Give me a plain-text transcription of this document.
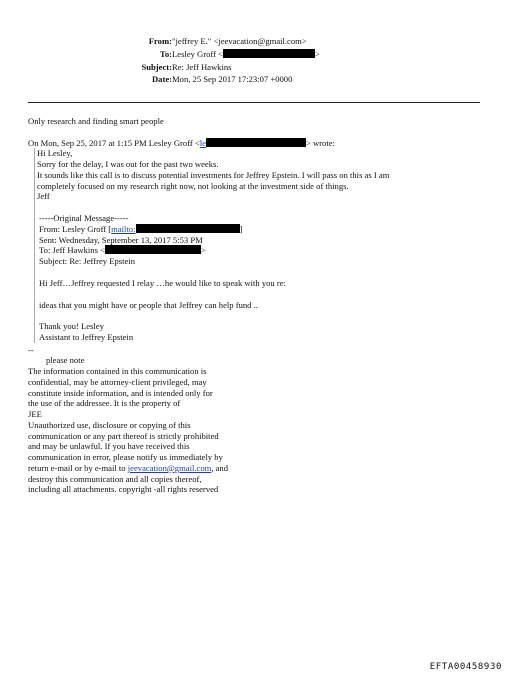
From: "jeffrey E." <jeevacation@gmail.com>
To: Lesley Groff <	>
Subject: Re: Jeff Hawkins
Date: Mon, 25 Sep 2017 17:23:07 +0000

Only research and finding smart people

On Mon, Sep 25, 2017 at 1:15 PM Lesley Groff <le	> wrote:

Hi Lesley,

Sorry for the delay, I was out for the past two weeks.

It sounds like this call is to discuss potential investments for Jeffrey Epstein. I will pass on this as I am

completely focused on my research right now, not looking at the investment side of things.

Jeff

-----Original Message-----

From: Lesley Groff [mailto:	]

Sent: Wednesday, September 13, 2017 5:53 PM

To: Jeff Hawkins <	>

Subject: Re: Jeffrey Epstein

Hi Jeff…Jeffrey requested I relay …he would like to speak with you re:

ideas that you might have or people that Jeffrey can help fund ..

Thank you! Lesley

Assistant to Jeffrey Epstein

--

please note

The information contained in this communication is

confidential, may be attorney-client privileged, may

constitute inside information, and is intended only for

the use of the addressee. It is the property of

JEE

Unauthorized use, disclosure or copying of this

communication or any part thereof is strictly prohibited

and may be unlawful. If you have received this

communication in error, please notify us immediately by

return e-mail or by e-mail to jeevacation@gmail.com, and

destroy this communication and all copies thereof,

including all attachments. copyright -all rights reserved

EFTA00458930
